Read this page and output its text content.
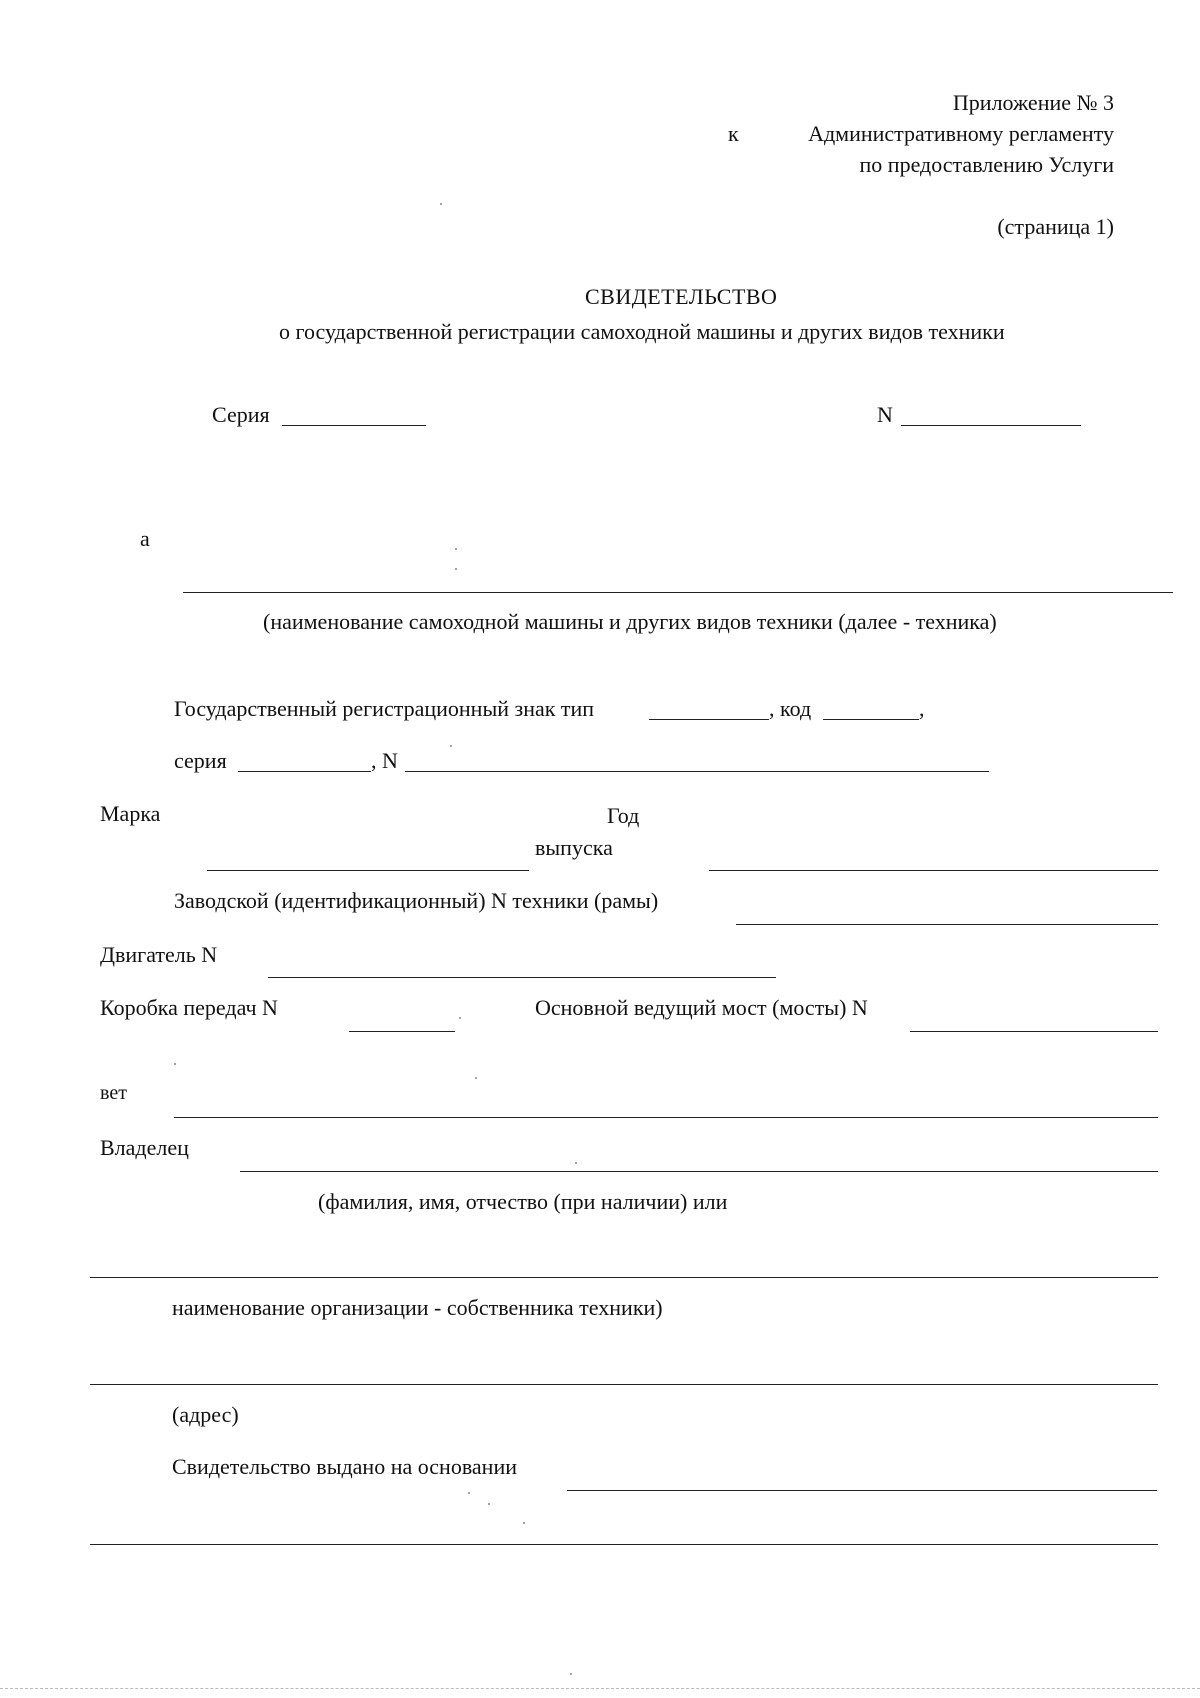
Приложение № 3
к	Административному регламенту
по предоставлению Услуги
(страница 1)
СВИДЕТЕЛЬСТВО
о государственной регистрации самоходной машины и других видов техники
Серия	N
а
(наименование самоходной машины и других видов техники (далее - техника)
Государственный регистрационный знак тип	, код	,
серия	, N
Марка	Год
выпуска
Заводской (идентификационный) N техники (рамы)
Двигатель N
Коробка передач N	Основной ведущий мост (мосты) N
вет
Владелец
(фамилия, имя, отчество (при наличии) или
наименование организации - собственника техники)
(адрес)
Свидетельство выдано на основании
